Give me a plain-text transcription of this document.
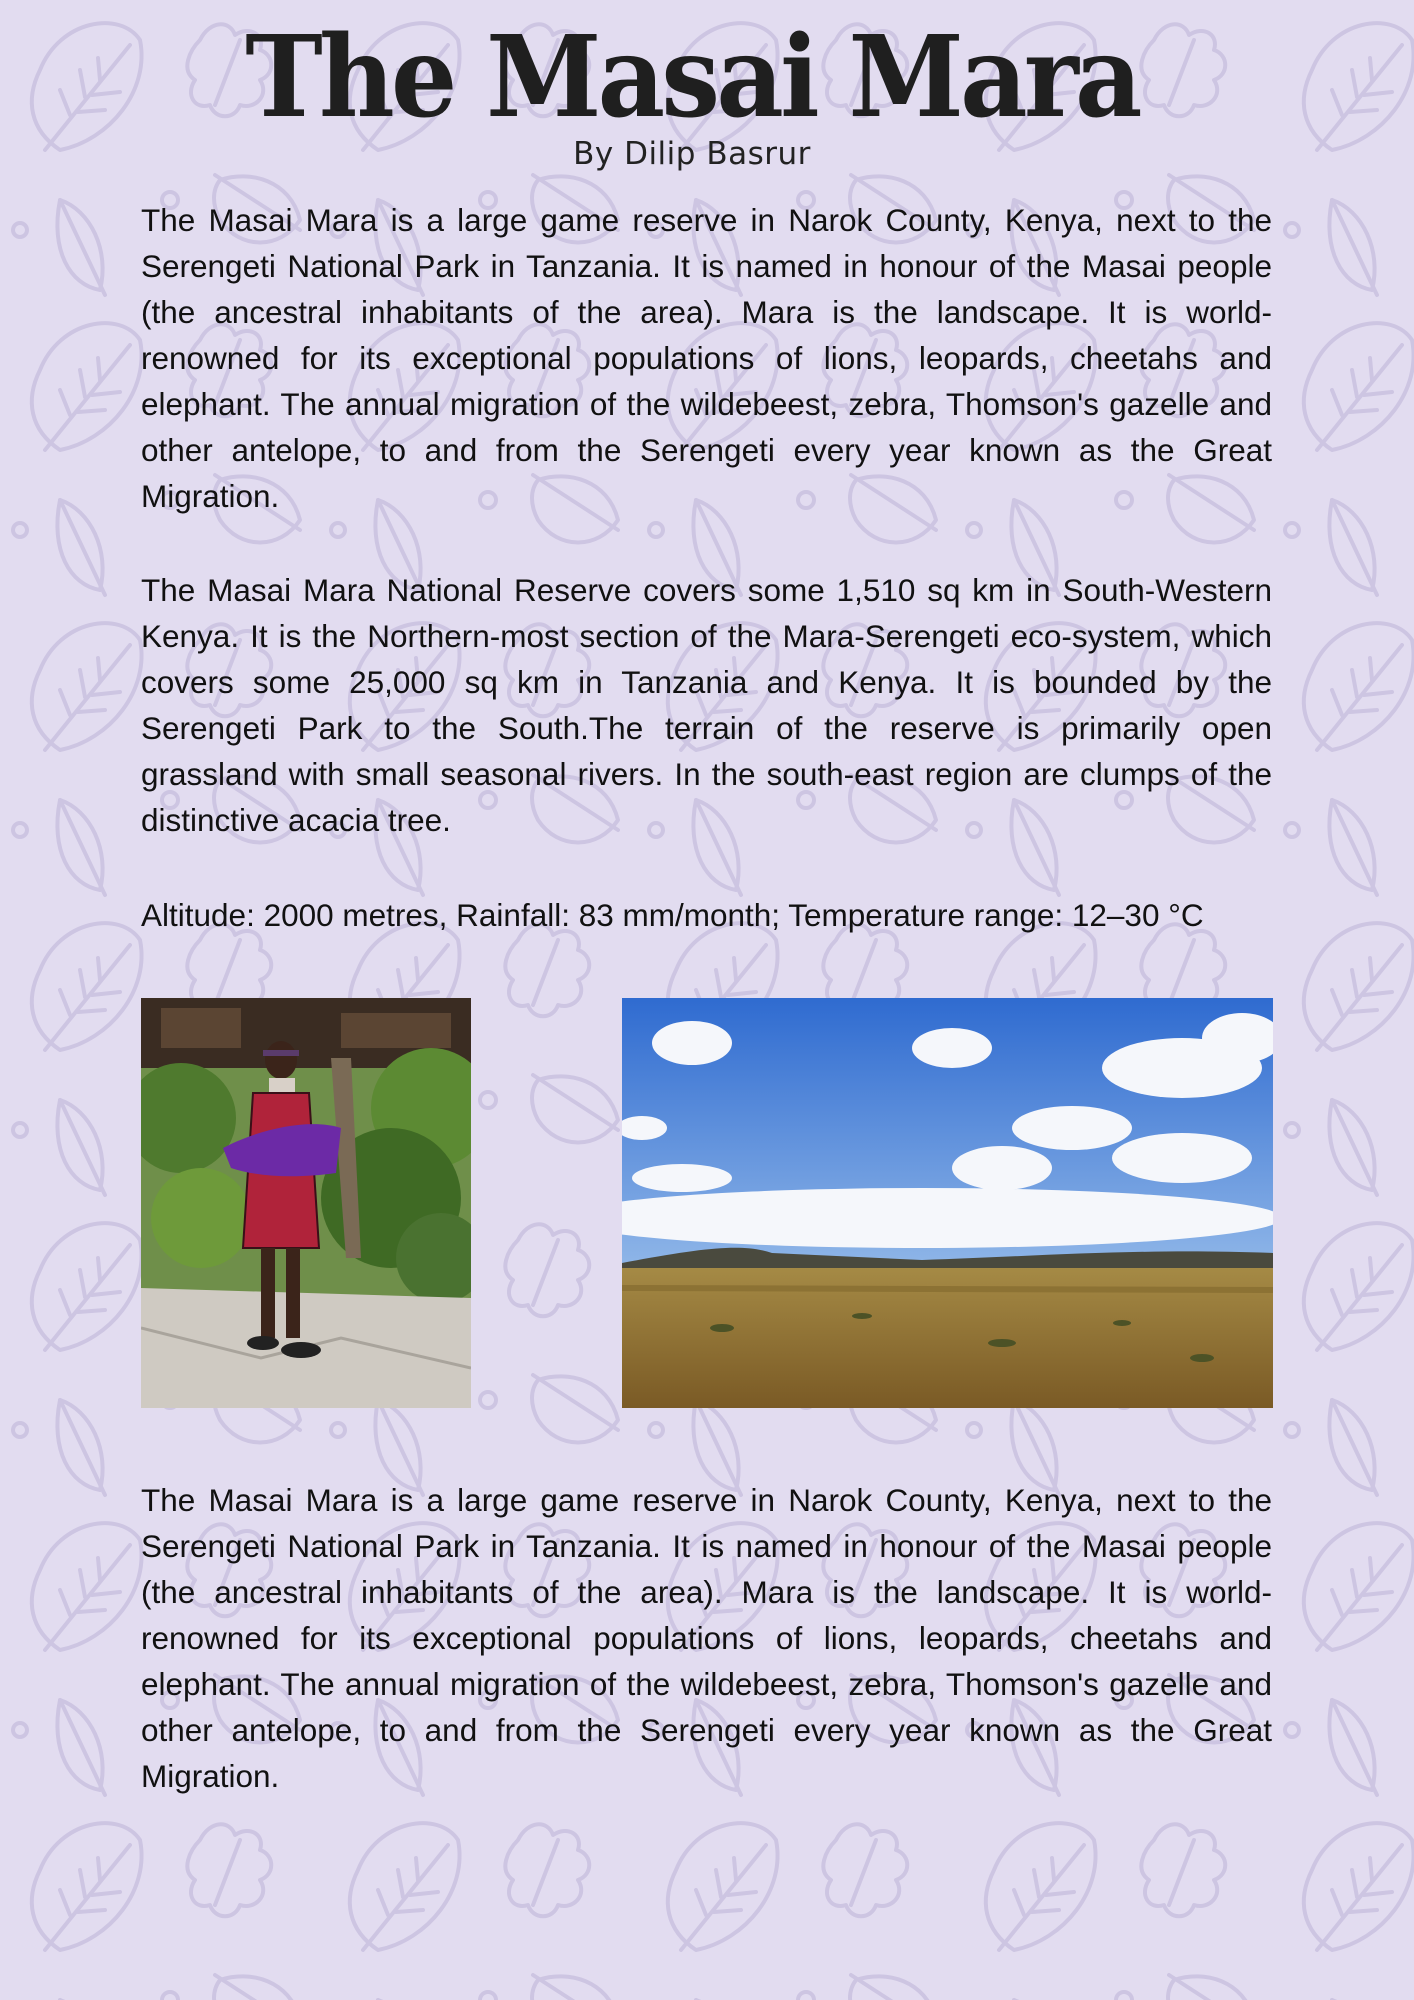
The Masai Mara
By Dilip Basrur

The Masai Mara is a large game reserve in Narok County, Kenya, next to the Serengeti National Park in Tanzania. It is named in honour of the Masai people (the ancestral inhabitants of the area). Mara is the landscape. It is world-renowned for its exceptional populations of lions, leopards, cheetahs and elephant. The annual migration of the wildebeest, zebra, Thomson's gazelle and other antelope, to and from the Serengeti every year known as the Great Migration.

The Masai Mara National Reserve covers some 1,510 sq km in South-Western Kenya. It is the Northern-most section of the Mara-Serengeti eco-system, which covers some 25,000 sq km in Tanzania and Kenya. It is bounded by the Serengeti Park to the South.The terrain of the reserve is primarily open grassland with small seasonal rivers. In the south-east region are clumps of the distinctive acacia tree.

Altitude: 2000 metres, Rainfall: 83 mm/month; Temperature range: 12–30 °C

The Masai Mara is a large game reserve in Narok County, Kenya, next to the Serengeti National Park in Tanzania. It is named in honour of the Masai people (the ancestral inhabitants of the area). Mara is the landscape. It is world-renowned for its exceptional populations of lions, leopards, cheetahs and elephant. The annual migration of the wildebeest, zebra, Thomson's gazelle and other antelope, to and from the Serengeti every year known as the Great Migration.
